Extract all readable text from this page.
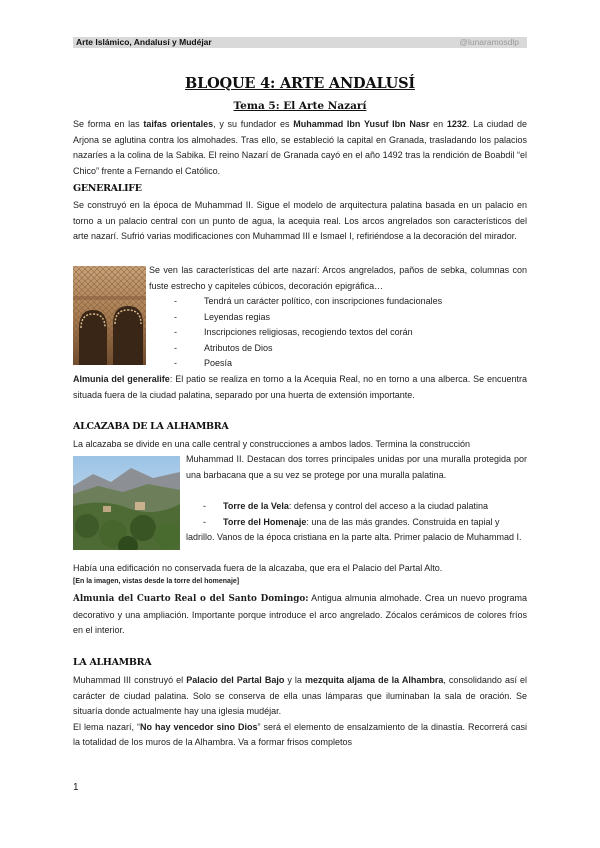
Arte Islámico, Andalusí y Mudéjar	@lunaramosdlp
BLOQUE 4: ARTE ANDALUSÍ
Tema 5: El Arte Nazarí
Se forma en las taifas orientales, y su fundador es Muhammad Ibn Yusuf Ibn Nasr en 1232. La ciudad de Arjona se aglutina contra los almohades. Tras ello, se estableció la capital en Granada, trasladando los palacios nazaríes a la colina de la Sabika. El reino Nazarí de Granada cayó en el año 1492 tras la rendición de Boabdil “el Chico” frente a Fernando el Católico.
GENERALIFE
Se construyó en la época de Muhammad II. Sigue el modelo de arquitectura palatina basada en un palacio en torno a un palacio central con un punto de agua, la acequia real. Los arcos angrelados son característicos del arte nazarí. Sufrió varias modificaciones con Muhammad III e Ismael I, refiriéndose a la decoración del mirador.
Se ven las características del arte nazarí: Arcos angrelados, paños de sebka, columnas con fuste estrecho y capiteles cúbicos, decoración epigráfica…
- Tendrá un carácter político, con inscripciones fundacionales
- Leyendas regias
- Inscripciones religiosas, recogiendo textos del corán
- Atributos de Dios
- Poesía
Almunia del generalife: El patio se realiza en torno a la Acequia Real, no en torno a una alberca. Se encuentra situada fuera de la ciudad palatina, separado por una huerta de extensión importante.
ALCAZABA DE LA ALHAMBRA
La alcazaba se divide en una calle central y construcciones a ambos lados. Termina la construcción
Muhammad II. Destacan dos torres principales unidas por una muralla protegida por una barbacana que a su vez se protege por una muralla palatina.
- Torre de la Vela: defensa y control del acceso a la ciudad palatina
- Torre del Homenaje: una de las más grandes. Construida en tapial y
ladrillo. Vanos de la época cristiana en la parte alta. Primer palacio de Muhammad I.
Había una edificación no conservada fuera de la alcazaba, que era el Palacio del Partal Alto.
[En la imagen, vistas desde la torre del homenaje]
Almunia del Cuarto Real o del Santo Domingo: Antigua almunia almohade. Crea un nuevo programa decorativo y una ampliación. Importante porque introduce el arco angrelado. Zócalos cerámicos de colores fríos en el interior.
LA ALHAMBRA
Muhammad III construyó el Palacio del Partal Bajo y la mezquita aljama de la Alhambra, consolidando así el carácter de ciudad palatina. Solo se conserva de ella unas lámparas que iluminaban la sala de oración. Se situaría donde actualmente hay una iglesia mudéjar.
El lema nazarí, “No hay vencedor sino Dios” será el elemento de ensalzamiento de la dinastía. Recorrerá casi la totalidad de los muros de la Alhambra. Va a formar frisos completos
1
